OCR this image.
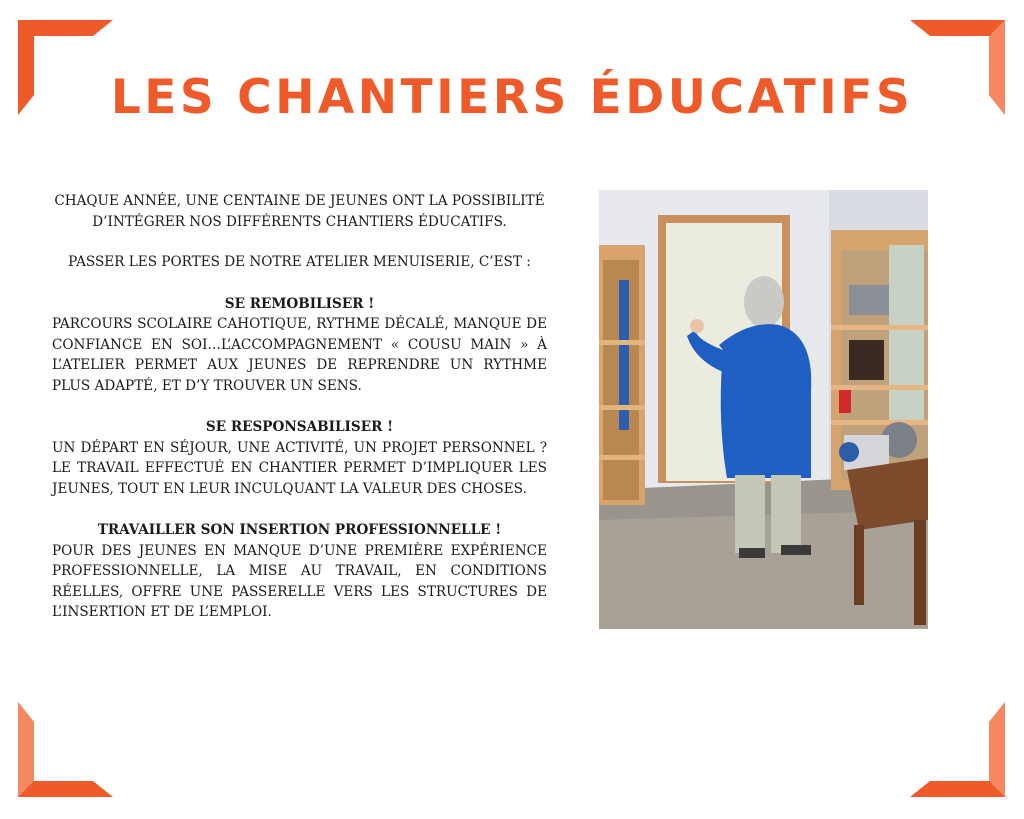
LES CHANTIERS ÉDUCATIFS

CHAQUE ANNÉE, UNE CENTAINE DE JEUNES ONT LA POSSIBILITÉ

D’INTÉGRER NOS DIFFÉRENTS CHANTIERS ÉDUCATIFS.

PASSER LES PORTES DE NOTRE ATELIER MENUISERIE, C’EST :

SE REMOBILISER !

PARCOURS SCOLAIRE CAHOTIQUE, RYTHME DÉCALÉ, MANQUE DE CONFIANCE EN SOI…L’ACCOMPAGNEMENT « COUSU MAIN » À L’ATELIER PERMET AUX JEUNES DE REPRENDRE UN RYTHME PLUS ADAPTÉ, ET D’Y TROUVER UN SENS.

SE RESPONSABILISER !

UN DÉPART EN SÉJOUR, UNE ACTIVITÉ, UN PROJET PERSONNEL ? LE TRAVAIL EFFECTUÉ EN CHANTIER PERMET D’IMPLIQUER LES JEUNES, TOUT EN LEUR INCULQUANT LA VALEUR DES CHOSES.

TRAVAILLER SON INSERTION PROFESSIONNELLE !

POUR DES JEUNES EN MANQUE D’UNE PREMIÈRE EXPÉRIENCE PROFESSIONNELLE, LA MISE AU TRAVAIL, EN CONDITIONS RÉELLES, OFFRE UNE PASSERELLE VERS LES STRUCTURES DE L’INSERTION ET DE L’EMPLOI.
